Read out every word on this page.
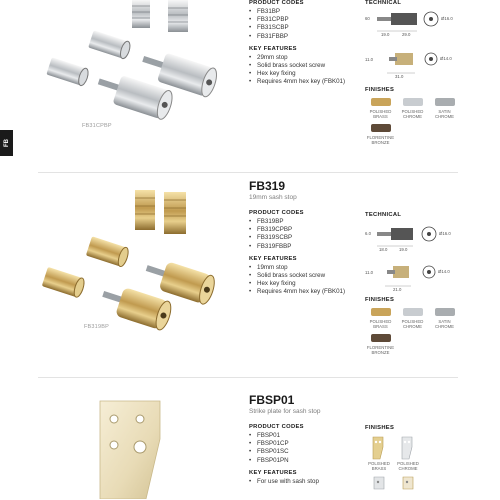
FB
FB31CPBP
PRODUCT CODES
• FB31BP
• FB31CPBP
• FB31SCBP
• FB31FBBP
KEY FEATURES
• 29mm stop
• Solid brass socket screw
• Hex key fixing
• Requires 4mm hex key (FBK01)
TECHNICAL
60
19.0	29.0
Ø16.0
11.0
31.0
Ø14.0
FINISHES
POLISHED BRASS
POLISHED CHROME
SATIN CHROME
FLORENTINE BRONZE
FB319BP
FB319
19mm sash stop
PRODUCT CODES
• FB319BP
• FB319CPBP
• FB319SCBP
• FB319FBBP
KEY FEATURES
• 19mm stop
• Solid brass socket screw
• Hex key fixing
• Requires 4mm hex key (FBK01)
TECHNICAL
6.0
18.0	19.0
Ø16.0
11.0
21.0
Ø14.0
FINISHES
POLISHED BRASS
POLISHED CHROME
SATIN CHROME
FLORENTINE BRONZE
FBSP01
Strike plate for sash stop
PRODUCT CODES
• FBSP01
• FBSP01CP
• FBSP01SC
• FBSP01PN
KEY FEATURES
• For use with sash stop
FINISHES
POLISHED BRASS
POLISHED CHROME
